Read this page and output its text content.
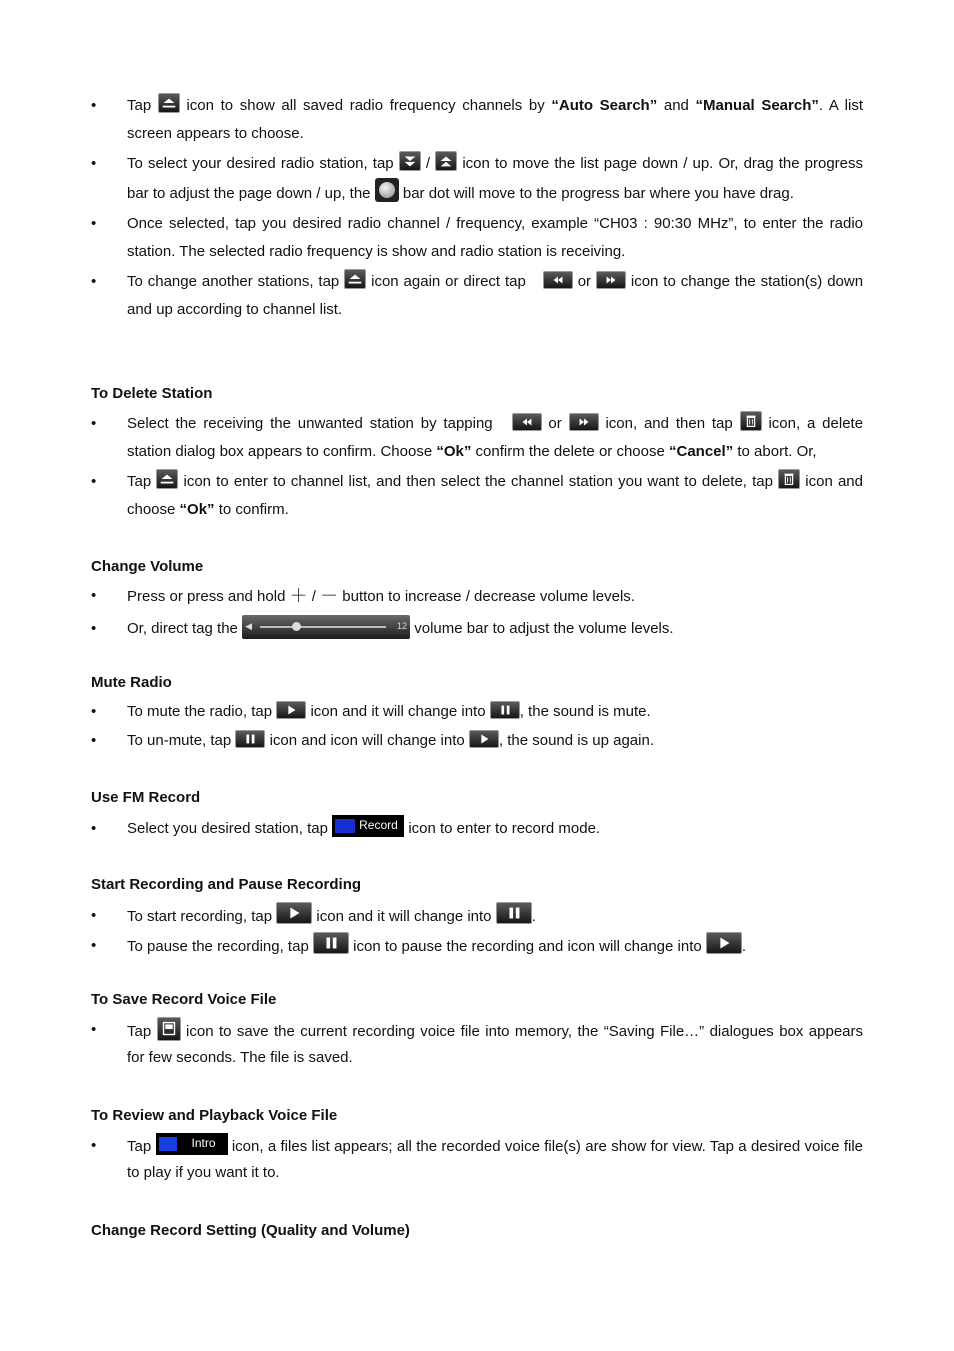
• Tap icon to show all saved radio frequency channels by “Auto Search” and “Manual Search”. A list screen appears to choose.
• To select your desired radio station, tap / icon to move the list page down / up. Or, drag the progress bar to adjust the page down / up, the bar dot will move to the progress bar where you have drag.
• Once selected, tap you desired radio channel / frequency, example “CH03 : 90:30 MHz”, to enter the radio station. The selected radio frequency is show and radio station is receiving.
• To change another stations, tap icon again or direct tap	or	icon to change the station(s) down and up according to channel list.
To Delete Station
• Select the receiving the unwanted station by tapping	or	icon, and then tap icon, a delete station dialog box appears to confirm. Choose “Ok” confirm the delete or choose “Cancel” to abort. Or,
• Tap icon to enter to channel list, and then select the channel station you want to delete, tap icon and choose “Ok” to confirm.
Change Volume
• Press or press and hold ＋ / － button to increase / decrease volume levels.
• Or, direct tag the ◀	12 volume bar to adjust the volume levels.
Mute Radio
• To mute the radio, tap	icon and it will change into , the sound is mute.
• To un-mute, tap	icon and icon will change into , the sound is up again.
Use FM Record
• Select you desired station, tap	Record icon to enter to record mode.
Start Recording and Pause Recording
• To start recording, tap	icon and it will change into	.
• To pause the recording, tap	icon to pause the recording and icon will change into	.
To Save Record Voice File
• Tap icon to save the current recording voice file into memory, the “Saving File…” dialogues box appears for few seconds. The file is saved.
To Review and Playback Voice File
• Tap	Intro icon, a files list appears; all the recorded voice file(s) are show for view. Tap a desired voice file to play if you want it to.
Change Record Setting (Quality and Volume)
